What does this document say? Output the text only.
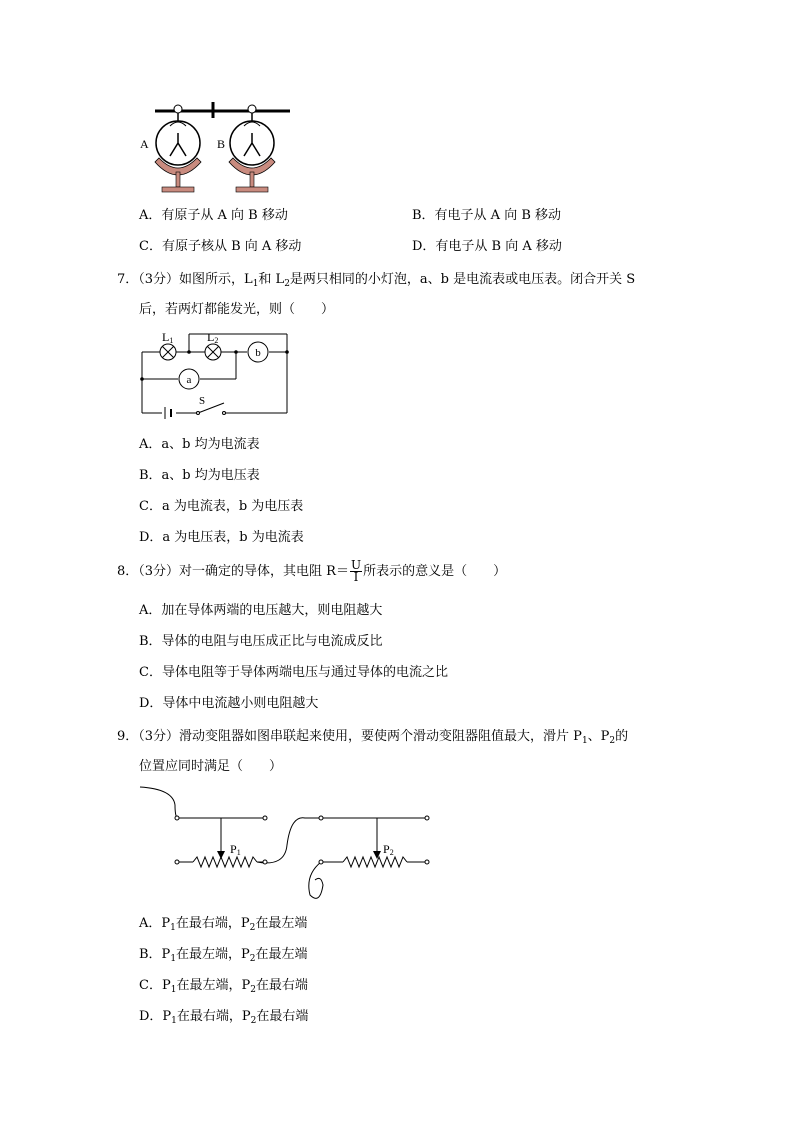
A	B
A．有原子从 A 向 B 移动	B．有电子从 A 向 B 移动
C．有原子核从 B 向 A 移动	D．有电子从 B 向 A 移动
7．（3分）如图所示，$L_1$和 $L_2$是两只相同的小灯泡，a、b 是电流表或电压表。闭合开关 S
后，若两灯都能发光，则（　　）
a
b
L1	L2
S
A．a、b 均为电流表
B．a、b 均为电压表
C．a 为电流表，b 为电压表
D．a 为电压表，b 为电流表
8．（3分）对一确定的导体，其电阻 $R= \frac{U}{I}$ 所表示的意义是（　　）
A．加在导体两端的电压越大，则电阻越大
B．导体的电阻与电压成正比与电流成反比
C．导体电阻等于导体两端电压与通过导体的电流之比
D．导体中电流越小则电阻越大
9．（3分）滑动变阻器如图串联起来使用，要使两个滑动变阻器阻值最大，滑片 $P_1$、$P_2$的
位置应同时满足（　　）
P1	P2
A．$P_1$在最右端，$P_2$在最左端
B．$P_1$在最左端，$P_2$在最左端
C．$P_1$在最左端，$P_2$在最右端
D．$P_1$在最右端，$P_2$在最右端
